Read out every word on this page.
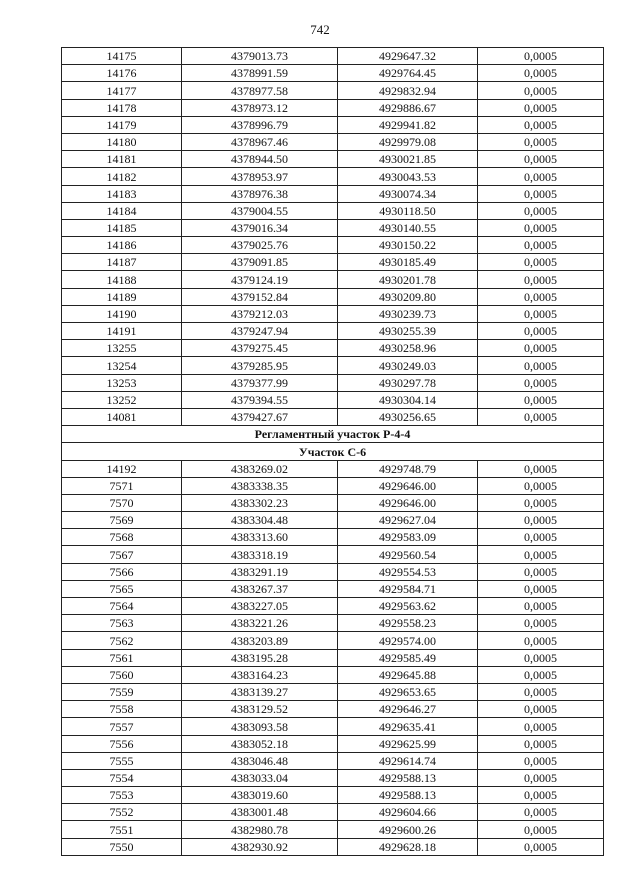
742
14175	4379013.73	4929647.32	0,0005
14176	4378991.59	4929764.45	0,0005
14177	4378977.58	4929832.94	0,0005
14178	4378973.12	4929886.67	0,0005
14179	4378996.79	4929941.82	0,0005
14180	4378967.46	4929979.08	0,0005
14181	4378944.50	4930021.85	0,0005
14182	4378953.97	4930043.53	0,0005
14183	4378976.38	4930074.34	0,0005
14184	4379004.55	4930118.50	0,0005
14185	4379016.34	4930140.55	0,0005
14186	4379025.76	4930150.22	0,0005
14187	4379091.85	4930185.49	0,0005
14188	4379124.19	4930201.78	0,0005
14189	4379152.84	4930209.80	0,0005
14190	4379212.03	4930239.73	0,0005
14191	4379247.94	4930255.39	0,0005
13255	4379275.45	4930258.96	0,0005
13254	4379285.95	4930249.03	0,0005
13253	4379377.99	4930297.78	0,0005
13252	4379394.55	4930304.14	0,0005
14081	4379427.67	4930256.65	0,0005
Регламентный участок Р-4-4			
Участок С-6			
14192	4383269.02	4929748.79	0,0005
7571	4383338.35	4929646.00	0,0005
7570	4383302.23	4929646.00	0,0005
7569	4383304.48	4929627.04	0,0005
7568	4383313.60	4929583.09	0,0005
7567	4383318.19	4929560.54	0,0005
7566	4383291.19	4929554.53	0,0005
7565	4383267.37	4929584.71	0,0005
7564	4383227.05	4929563.62	0,0005
7563	4383221.26	4929558.23	0,0005
7562	4383203.89	4929574.00	0,0005
7561	4383195.28	4929585.49	0,0005
7560	4383164.23	4929645.88	0,0005
7559	4383139.27	4929653.65	0,0005
7558	4383129.52	4929646.27	0,0005
7557	4383093.58	4929635.41	0,0005
7556	4383052.18	4929625.99	0,0005
7555	4383046.48	4929614.74	0,0005
7554	4383033.04	4929588.13	0,0005
7553	4383019.60	4929588.13	0,0005
7552	4383001.48	4929604.66	0,0005
7551	4382980.78	4929600.26	0,0005
7550	4382930.92	4929628.18	0,0005
